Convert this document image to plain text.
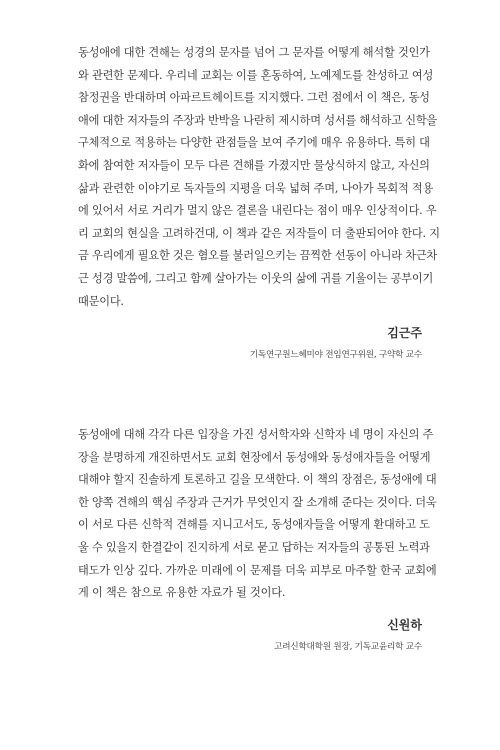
동성애에 대한 견해는 성경의 문자를 넘어 그 문자를 어떻게 해석할 것인가
와 관련한 문제다. 우리네 교회는 이를 혼동하여, 노예제도를 찬성하고 여성
참정권을 반대하며 아파르트헤이트를 지지했다. 그런 점에서 이 책은, 동성
애에 대한 저자들의 주장과 반박을 나란히 제시하며 성서를 해석하고 신학을
구체적으로 적용하는 다양한 관점들을 보여 주기에 매우 유용하다. 특히 대
화에 참여한 저자들이 모두 다른 견해를 가졌지만 물상식하지 않고, 자신의
삶과 관련한 이야기로 독자들의 지평을 더욱 넓혀 주며, 나아가 목회적 적용
에 있어서 서로 거리가 멀지 않은 결론을 내린다는 점이 매우 인상적이다. 우
리 교회의 현실을 고려하건대, 이 책과 같은 저작들이 더 출판되어야 한다. 지
금 우리에게 필요한 것은 혐오를 불러일으키는 끔찍한 선동이 아니라 차근차
근 성경 말씀에, 그리고 함께 살아가는 이웃의 삶에 귀를 기울이는 공부이기
때문이다.
김근주
기독연구원느헤미야 전임연구위원, 구약학 교수
동성애에 대해 각각 다른 입장을 가진 성서학자와 신학자 네 명이 자신의 주
장을 분명하게 개진하면서도 교회 현장에서 동성애와 동성애자들을 어떻게
대해야 할지 진솔하게 토론하고 길을 모색한다. 이 책의 장점은, 동성애에 대
한 양쪽 견해의 핵심 주장과 근거가 무엇인지 잘 소개해 준다는 것이다. 더욱
이 서로 다른 신학적 견해를 지니고서도, 동성애자들을 어떻게 환대하고 도
울 수 있을지 한결같이 진지하게 서로 묻고 답하는 저자들의 공통된 노력과
태도가 인상 깊다. 가까운 미래에 이 문제를 더욱 피부로 마주할 한국 교회에
게 이 책은 참으로 유용한 자료가 될 것이다.
신원하
고려신학대학원 원장, 기독교윤리학 교수
